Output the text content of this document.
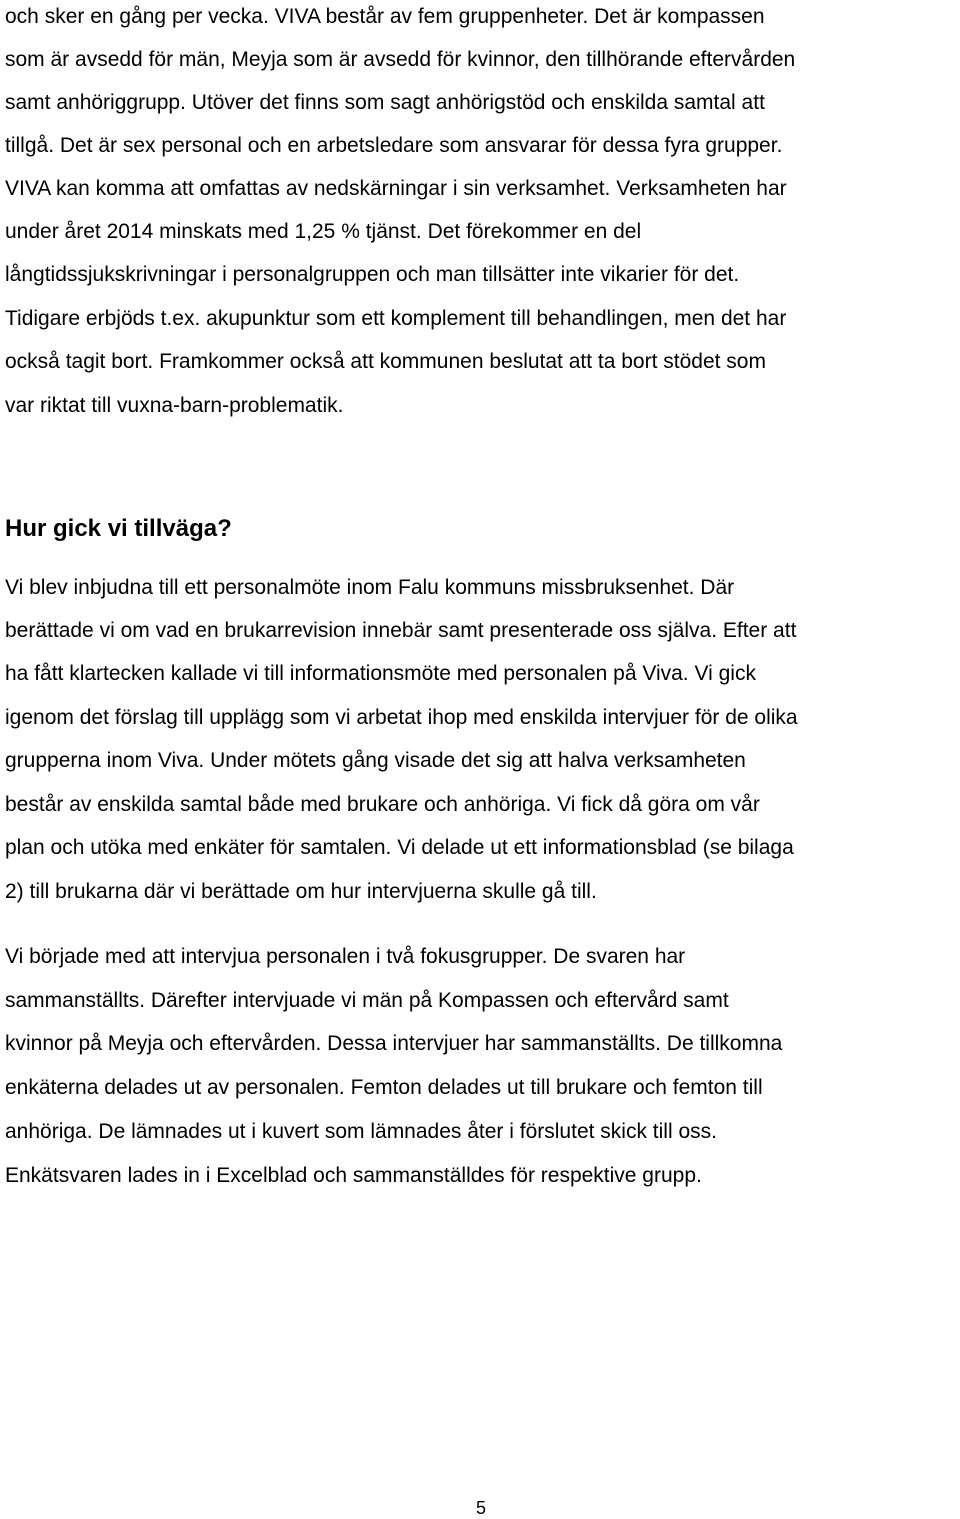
och sker en gång per vecka. VIVA består av fem gruppenheter. Det är kompassen
som är avsedd för män, Meyja som är avsedd för kvinnor, den tillhörande eftervården
samt anhöriggrupp. Utöver det finns som sagt anhörigstöd och enskilda samtal att
tillgå. Det är sex personal och en arbetsledare som ansvarar för dessa fyra grupper.
VIVA kan komma att omfattas av nedskärningar i sin verksamhet. Verksamheten har
under året 2014 minskats med 1,25 % tjänst. Det förekommer en del
långtidssjukskrivningar i personalgruppen och man tillsätter inte vikarier för det.
Tidigare erbjöds t.ex. akupunktur som ett komplement till behandlingen, men det har
också tagit bort. Framkommer också att kommunen beslutat att ta bort stödet som
var riktat till vuxna-barn-problematik.
Hur gick vi tillväga?
Vi blev inbjudna till ett personalmöte inom Falu kommuns missbruksenhet. Där
berättade vi om vad en brukarrevision innebär samt presenterade oss själva. Efter att
ha fått klartecken kallade vi till informationsmöte med personalen på Viva. Vi gick
igenom det förslag till upplägg som vi arbetat ihop med enskilda intervjuer för de olika
grupperna inom Viva. Under mötets gång visade det sig att halva verksamheten
består av enskilda samtal både med brukare och anhöriga. Vi fick då göra om vår
plan och utöka med enkäter för samtalen. Vi delade ut ett informationsblad (se bilaga
2) till brukarna där vi berättade om hur intervjuerna skulle gå till.
Vi började med att intervjua personalen i två fokusgrupper. De svaren har
sammanställts. Därefter intervjuade vi män på Kompassen och eftervård samt
kvinnor på Meyja och eftervården. Dessa intervjuer har sammanställts. De tillkomna
enkäterna delades ut av personalen. Femton delades ut till brukare och femton till
anhöriga. De lämnades ut i kuvert som lämnades åter i förslutet skick till oss.
Enkätsvaren lades in i Excelblad och sammanställdes för respektive grupp.
5
